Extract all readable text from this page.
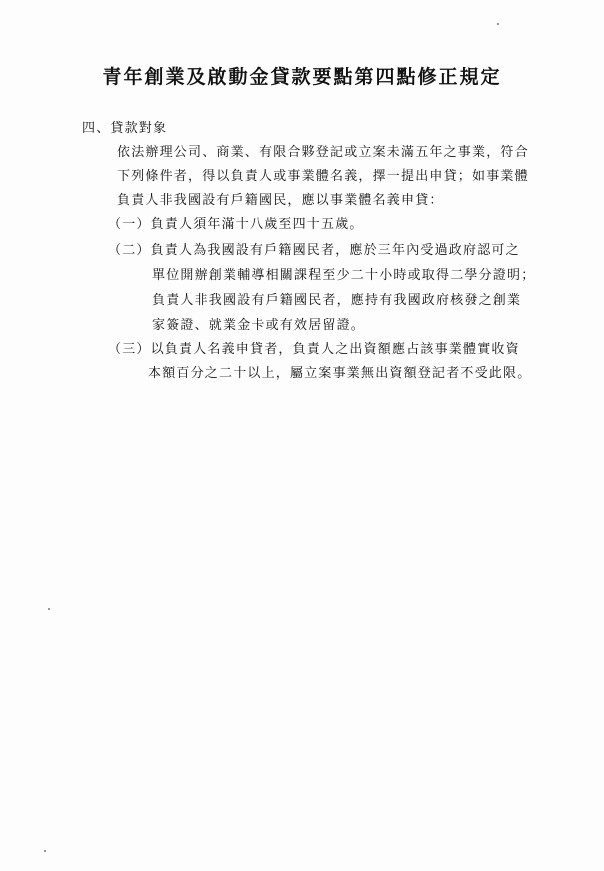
青年創業及啟動金貸款要點第四點修正規定
四、貸款對象
依法辦理公司、商業、有限合夥登記或立案未滿五年之事業，符合
下列條件者，得以負責人或事業體名義，擇一提出申貸；如事業體
負責人非我國設有戶籍國民，應以事業體名義申貸：
（一）負責人須年滿十八歲至四十五歲。
（二）負責人為我國設有戶籍國民者，應於三年內受過政府認可之
單位開辦創業輔導相關課程至少二十小時或取得二學分證明；
負責人非我國設有戶籍國民者，應持有我國政府核發之創業
家簽證、就業金卡或有效居留證。
（三）以負責人名義申貸者，負責人之出資額應占該事業體實收資
本額百分之二十以上，屬立案事業無出資額登記者不受此限。
